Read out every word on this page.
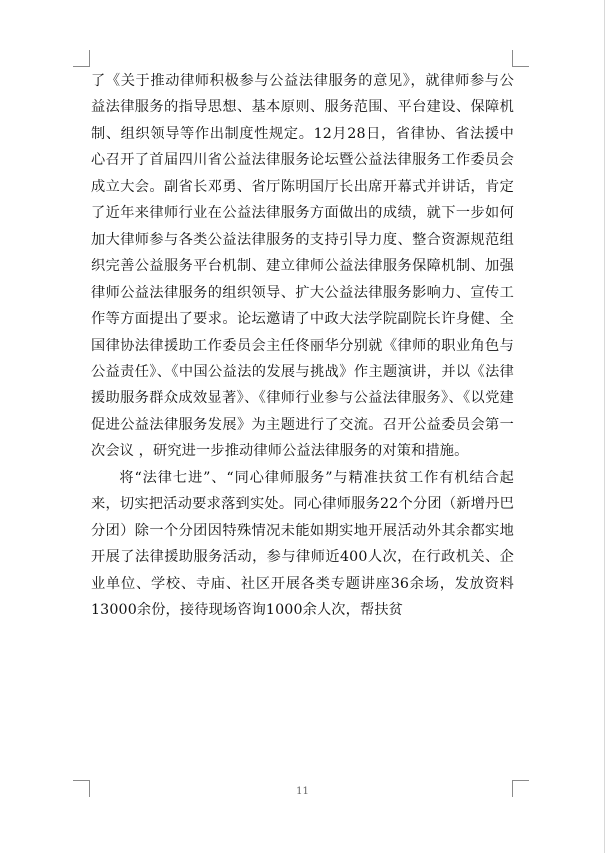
了《关于推动律师积极参与公益法律服务的意见》，就律师参与公益法律服务的指导思想、基本原则、服务范围、平台建设、保障机制、组织领导等作出制度性规定。12月28日，省律协、省法援中心召开了首届四川省公益法律服务论坛暨公益法律服务工作委员会成立大会。副省长邓勇、省厅陈明国厅长出席开幕式并讲话，肯定了近年来律师行业在公益法律服务方面做出的成绩，就下一步如何加大律师参与各类公益法律服务的支持引导力度、整合资源规范组织完善公益服务平台机制、建立律师公益法律服务保障机制、加强律师公益法律服务的组织领导、扩大公益法律服务影响力、宣传工作等方面提出了要求。论坛邀请了中政大法学院副院长许身健、全国律协法律援助工作委员会主任佟丽华分别就《律师的职业角色与公益责任》、《中国公益法的发展与挑战》作主题演讲，并以《法律援助服务群众成效显著》、《律师行业参与公益法律服务》、《以党建促进公益法律服务发展》为主题进行了交流。召开公益委员会第一次会议 ，研究进一步推动律师公益法律服务的对策和措施。

将“法律七进”、“同心律师服务”与精准扶贫工作有机结合起来，切实把活动要求落到实处。同心律师服务22个分团（新增丹巴分团）除一个分团因特殊情况未能如期实地开展活动外其余都实地开展了法律援助服务活动，参与律师近400人次，在行政机关、企业单位、学校、寺庙、社区开展各类专题讲座36余场，发放资料13000余份，接待现场咨询1000余人次，帮扶贫

11
